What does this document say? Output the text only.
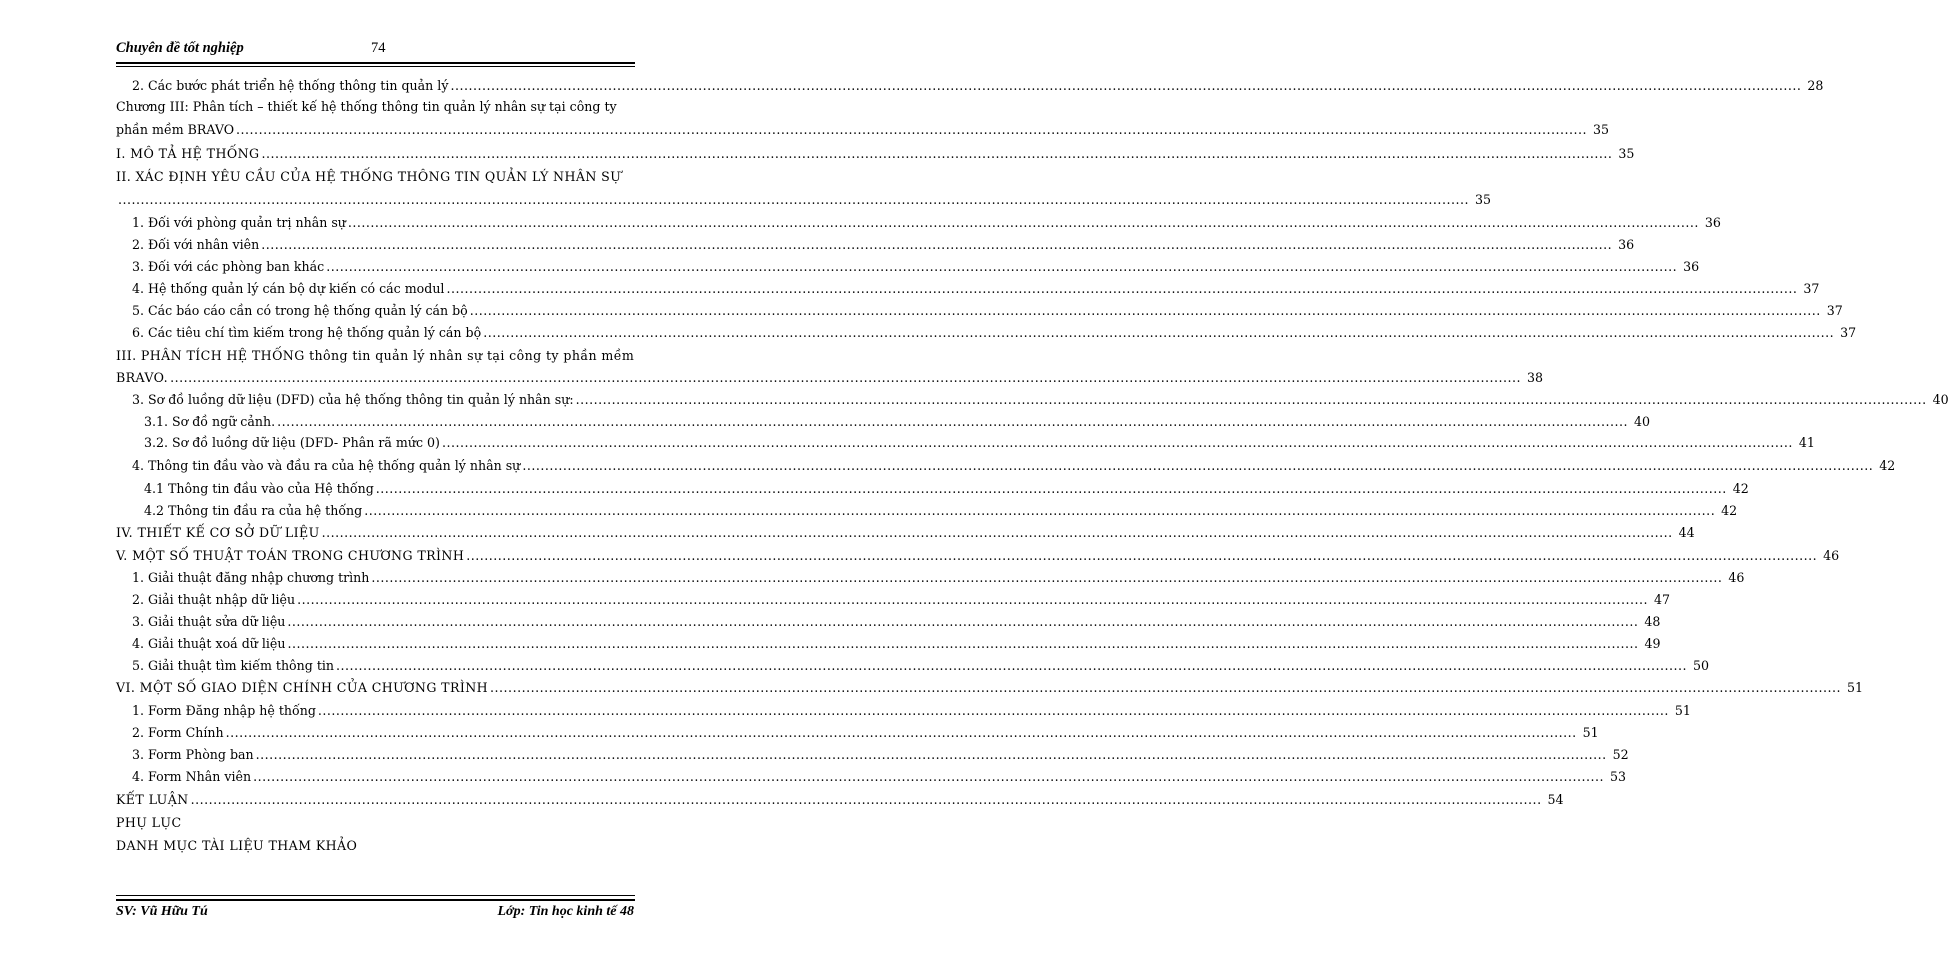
Chuyên đề tốt nghiệp	74
2. Các bước phát triển hệ thống thông tin quản lý ............................................................................................................................................................................................................................................................................................................ 28
Chương III: Phân tích – thiết kế hệ thống thông tin quản lý nhân sự tại công ty
phần mềm BRAVO ............................................................................................................................................................................................................................................................................................................ 35
I. MÔ TẢ HỆ THỐNG ............................................................................................................................................................................................................................................................................................................ 35
II. XÁC ĐỊNH YÊU CẦU CỦA HỆ THỐNG THÔNG TIN QUẢN LÝ NHÂN SỰ
............................................................................................................................................................................................................................................................................................................ 35
1. Đối với phòng quản trị nhân sự ............................................................................................................................................................................................................................................................................................................ 36
2. Đối với nhân viên ............................................................................................................................................................................................................................................................................................................ 36
3. Đối với các phòng ban khác ............................................................................................................................................................................................................................................................................................................ 36
4. Hệ thống quản lý cán bộ dự kiến có các modul ............................................................................................................................................................................................................................................................................................................ 37
5. Các báo cáo cần có trong hệ thống quản lý cán bộ ............................................................................................................................................................................................................................................................................................................ 37
6. Các tiêu chí tìm kiếm trong hệ thống quản lý cán bộ ............................................................................................................................................................................................................................................................................................................ 37
III. PHÂN TÍCH HỆ THỐNG thông tin quản lý nhân sự tại công ty phần mềm
BRAVO. ............................................................................................................................................................................................................................................................................................................ 38
3. Sơ đồ luồng dữ liệu (DFD) của hệ thống thông tin quản lý nhân sự: ............................................................................................................................................................................................................................................................................................................ 40
3.1. Sơ đồ ngữ cảnh. ............................................................................................................................................................................................................................................................................................................ 40
3.2. Sơ đồ luồng dữ liệu (DFD- Phân rã mức 0) ............................................................................................................................................................................................................................................................................................................ 41
4. Thông tin đầu vào và đầu ra của hệ thống quản lý nhân sự ............................................................................................................................................................................................................................................................................................................ 42
4.1 Thông tin đầu vào của Hệ thống ............................................................................................................................................................................................................................................................................................................ 42
4.2 Thông tin đầu ra của hệ thống ............................................................................................................................................................................................................................................................................................................ 42
IV. THIẾT KẾ CƠ SỞ DỮ LIỆU ............................................................................................................................................................................................................................................................................................................ 44
V. MỘT SỐ THUẬT TOÁN TRONG CHƯƠNG TRÌNH ............................................................................................................................................................................................................................................................................................................ 46
1. Giải thuật đăng nhập chương trình ............................................................................................................................................................................................................................................................................................................ 46
2. Giải thuật nhập dữ liệu ............................................................................................................................................................................................................................................................................................................ 47
3. Giải thuật sửa dữ liệu ............................................................................................................................................................................................................................................................................................................ 48
4. Giải thuật xoá dữ liệu ............................................................................................................................................................................................................................................................................................................ 49
5. Giải thuật tìm kiếm thông tin ............................................................................................................................................................................................................................................................................................................ 50
VI. MỘT SỐ GIAO DIỆN CHÍNH CỦA CHƯƠNG TRÌNH ............................................................................................................................................................................................................................................................................................................ 51
1. Form Đăng nhập hệ thống ............................................................................................................................................................................................................................................................................................................ 51
2. Form Chính ............................................................................................................................................................................................................................................................................................................ 51
3. Form Phòng ban ............................................................................................................................................................................................................................................................................................................ 52
4. Form Nhân viên ............................................................................................................................................................................................................................................................................................................ 53
KẾT LUẬN ............................................................................................................................................................................................................................................................................................................ 54
PHỤ LỤC
DANH MỤC TÀI LIỆU THAM KHẢO
SV: Vũ Hữu Tú	Lớp: Tin học kinh tế 48
